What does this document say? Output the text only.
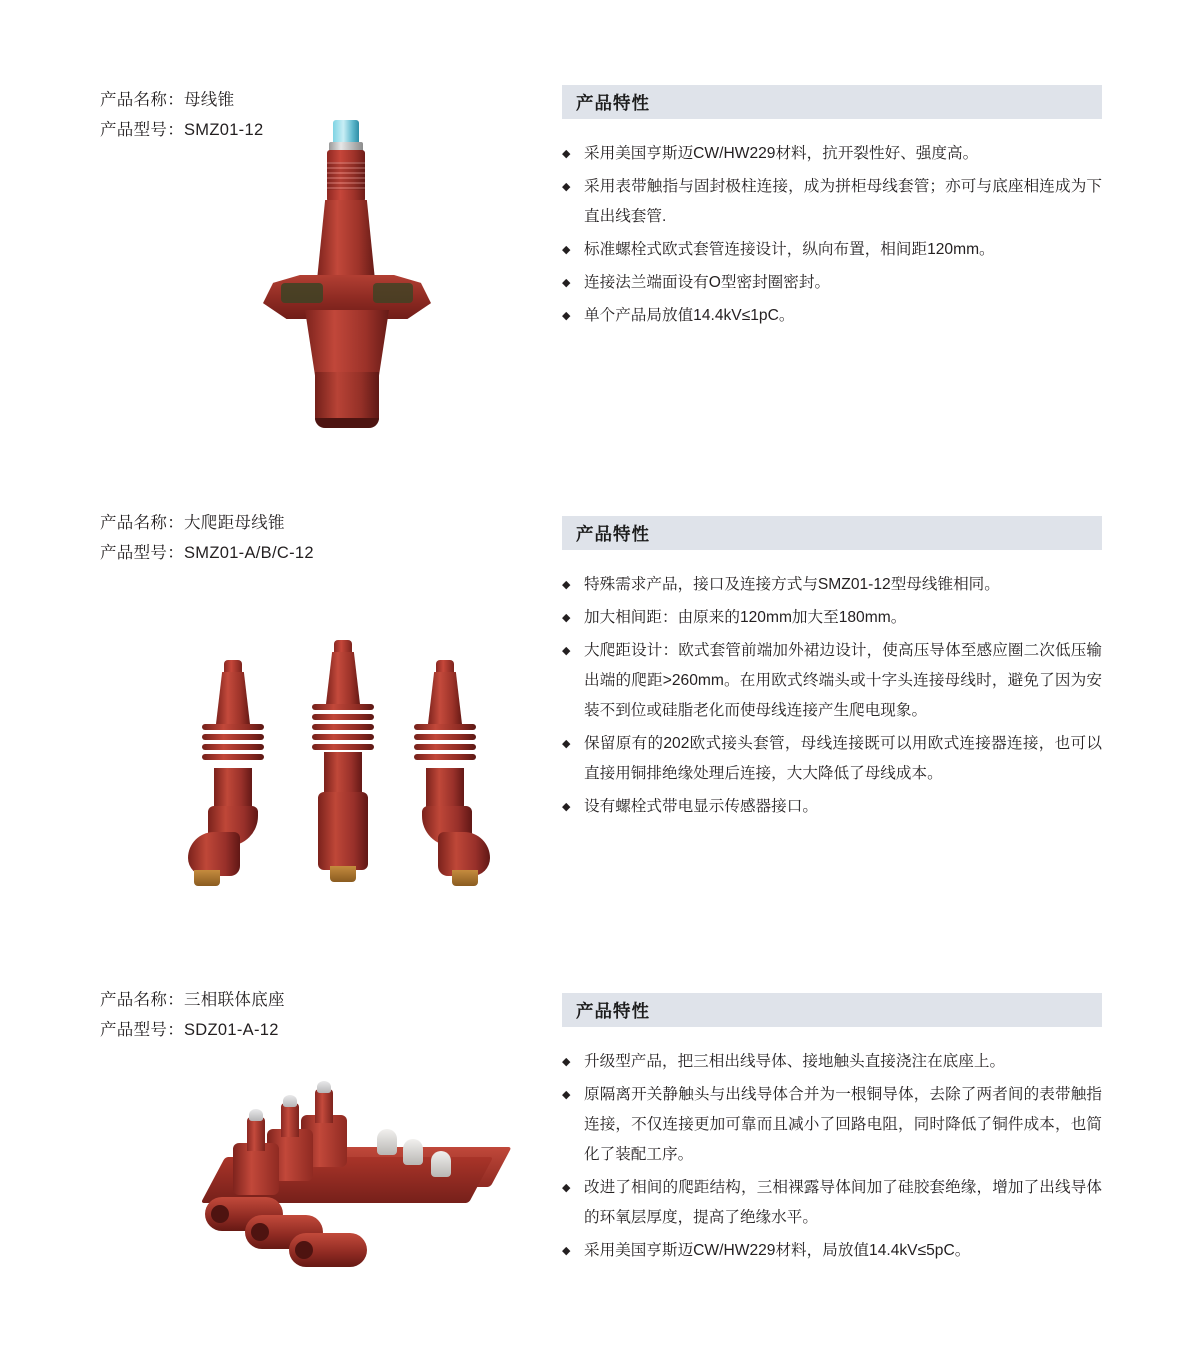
产品名称：母线锥
产品型号：SMZ01-12
产品特性
◆ 采用美国亨斯迈CW/HW229材料，抗开裂性好、强度高。
◆ 采用表带触指与固封极柱连接，成为拼柜母线套管；亦可与底座相连成为下直出线套管.
◆ 标准螺栓式欧式套管连接设计，纵向布置，相间距120mm。
◆ 连接法兰端面设有O型密封圈密封。
◆ 单个产品局放值14.4kV≤1pC。
产品名称：大爬距母线锥
产品型号：SMZ01-A/B/C-12
产品特性
◆ 特殊需求产品，接口及连接方式与SMZ01-12型母线锥相同。
◆ 加大相间距：由原来的120mm加大至180mm。
◆ 大爬距设计：欧式套管前端加外裙边设计，使高压导体至感应圈二次低压输出端的爬距>260mm。在用欧式终端头或十字头连接母线时，避免了因为安装不到位或硅脂老化而使母线连接产生爬电现象。
◆ 保留原有的202欧式接头套管，母线连接既可以用欧式连接器连接，也可以直接用铜排绝缘处理后连接，大大降低了母线成本。
◆ 设有螺栓式带电显示传感器接口。
产品名称：三相联体底座
产品型号：SDZ01-A-12
产品特性
◆ 升级型产品，把三相出线导体、接地触头直接浇注在底座上。
◆ 原隔离开关静触头与出线导体合并为一根铜导体，去除了两者间的表带触指连接，不仅连接更加可靠而且减小了回路电阻，同时降低了铜件成本，也简化了装配工序。
◆ 改进了相间的爬距结构，三相裸露导体间加了硅胶套绝缘，增加了出线导体的环氧层厚度，提高了绝缘水平。
◆ 采用美国亨斯迈CW/HW229材料，局放值14.4kV≤5pC。
